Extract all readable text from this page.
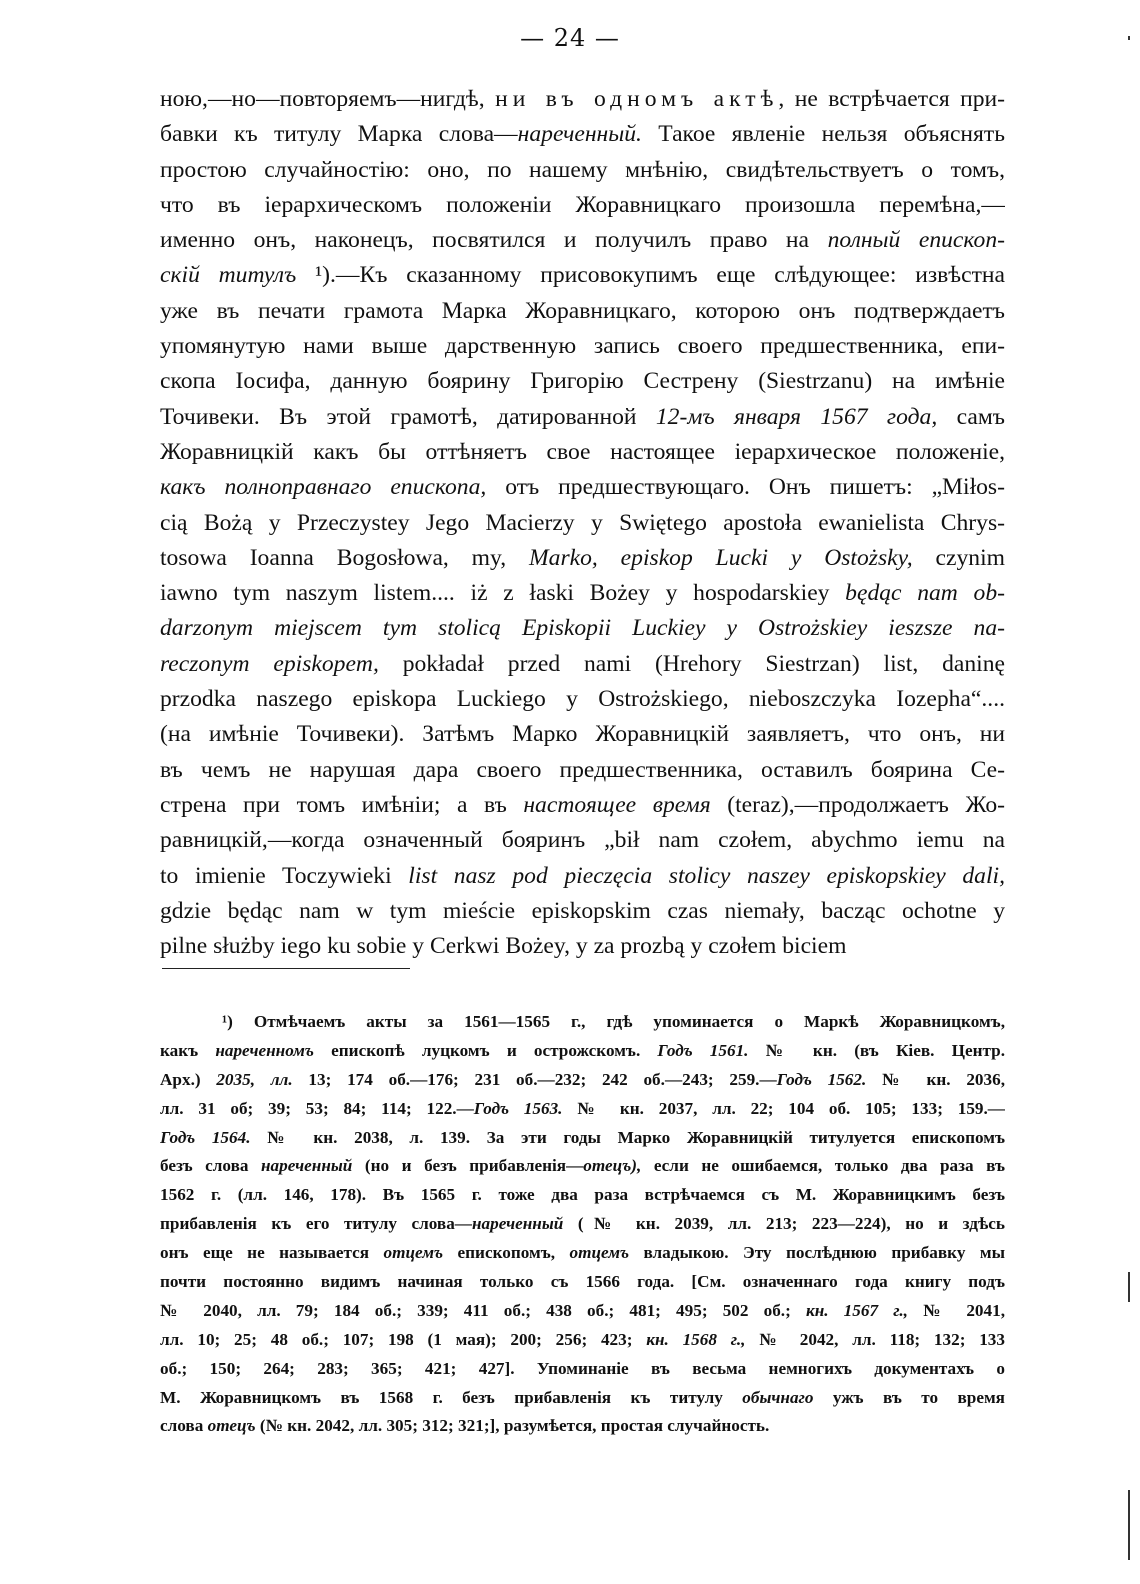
— 24 —
ною,—но—повторяемъ—нигдѣ, ни въ одномъ актѣ, не встрѣчается при-
бавки къ титулу Марка слова—нареченный. Такое явленіе нельзя объяснять
простою случайностію: оно, по нашему мнѣнію, свидѣтельствуетъ о томъ,
что въ іерархическомъ положеніи Жоравницкаго произошла перемѣна,—
именно онъ, наконецъ, посвятился и получилъ право на полный епископ-
скій титулъ ¹).—Къ сказанному присовокупимъ еще слѣдующее: извѣстна
уже въ печати грамота Марка Жоравницкаго, которою онъ подтверждаетъ
упомянутую нами выше дарственную запись своего предшественника, епи-
скопа Іосифа, данную боярину Григорію Сестрену (Siestrzanu) на имѣніе
Точивеки. Въ этой грамотѣ, датированной 12-мъ января 1567 года, самъ
Жоравницкій какъ бы оттѣняетъ свое настоящее іерархическое положеніе,
какъ полноправнаго епископа, отъ предшествующаго. Онъ пишетъ: „Miłos-
cią Bożą y Przeczystey Jego Macierzy y Swiętego apostoła ewanielista Chrys-
tosowa Ioanna Bogosłowa, my, Marko, episkop Lucki y Ostożsky, czynim
iawno tym naszym listem.... iż z łaski Bożey y hospodarskiey będąc nam ob-
darzonym miejscem tym stolicą Episkopii Luckiey y Ostrożskiey ieszsze na-
reczonyт episkopem, pokładał przed nami (Hrehory Siestrzan) list, daninę
przodka naszego episkopa Luckiego y Ostrożskiego, nieboszczyka Iozepha“....
(на имѣніе Точивеки). Затѣмъ Марко Жоравницкій заявляетъ, что онъ, ни
въ чемъ не нарушая дара своего предшественника, оставилъ боярина Се-
стрена при томъ имѣніи; а въ настоящее время (teraz),—продолжаетъ Жо-
равницкій,—когда означенный бояринъ „bił nam czołem, abychmo iemu na
to imienie Toczywieki list nasz pod pieczęcia stolicy naszey episkopskiey dali,
gdzie będąc nam w tym mieście episkopskim czas niemały, bacząc ochotne y
pilne służby iego ku sobie y Cerkwi Bożey, y za prozbą y czołem biciem
¹) Отмѣчаемъ акты за 1561—1565 г., гдѣ упоминается о Маркѣ Жоравницкомъ,
какъ нареченномъ епископѣ луцкомъ и острожскомъ. Годъ 1561. № кн. (въ Кіев. Центр.
Арх.) 2035, лл. 13; 174 об.—176; 231 об.—232; 242 об.—243; 259.—Годъ 1562. № кн. 2036,
лл. 31 об; 39; 53; 84; 114; 122.—Годъ 1563. № кн. 2037, лл. 22; 104 об. 105; 133; 159.—
Годъ 1564. № кн. 2038, л. 139. За эти годы Марко Жоравницкій титулуется епископомъ
безъ слова нареченный (но и безъ прибавленія—отецъ), если не ошибаемся, только два раза въ
1562 г. (лл. 146, 178). Въ 1565 г. тоже два раза встрѣчаемся съ М. Жоравницкимъ безъ
прибавленія къ его титулу слова—нареченный (№ кн. 2039, лл. 213; 223—224), но и здѣсь
онъ еще не называется отцемъ епископомъ, отцемъ владыкою. Эту послѣднюю прибавку мы
почти постоянно видимъ начиная только съ 1566 года. [См. означеннаго года книгу подъ
№ 2040, лл. 79; 184 об.; 339; 411 об.; 438 об.; 481; 495; 502 об.; кн. 1567 г., № 2041,
лл. 10; 25; 48 об.; 107; 198 (1 мая); 200; 256; 423; кн. 1568 г., № 2042, лл. 118; 132; 133
об.; 150; 264; 283; 365; 421; 427]. Упоминаніе въ весьма немногихъ документахъ о
М. Жоравницкомъ въ 1568 г. безъ прибавленія къ титулу обычнаго ужъ въ то время
слова отецъ (№ кн. 2042, лл. 305; 312; 321;], разумѣется, простая случайность.
